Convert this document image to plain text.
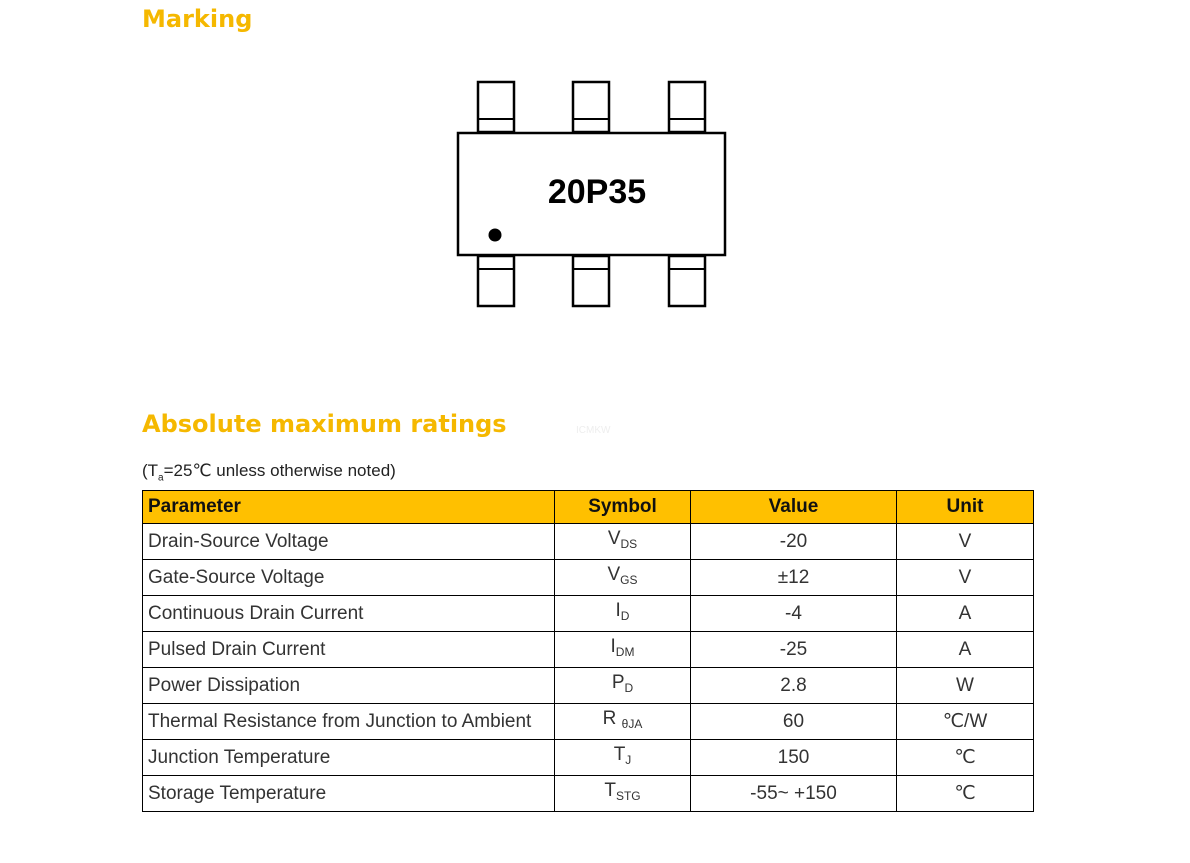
Marking
20P35
Absolute maximum ratings	ICMKW
($T_a=25℃$ unless otherwise noted)
Parameter	Symbol	Value	Unit
Drain-Source Voltage	$V_{DS}$	-20	V
Gate-Source Voltage	$V_{GS}$	±12	V
Continuous Drain Current	$I_D$	-4	A
Pulsed Drain Current	$I_{DM}$	-25	A
Power Dissipation	$P_D$	2.8	W
Thermal Resistance from Junction to Ambient	R $_{\theta JA}$	60	℃/W
Junction Temperature	$T_J$	150	℃
Storage Temperature	$T_{STG}$	-55~ +150	℃
